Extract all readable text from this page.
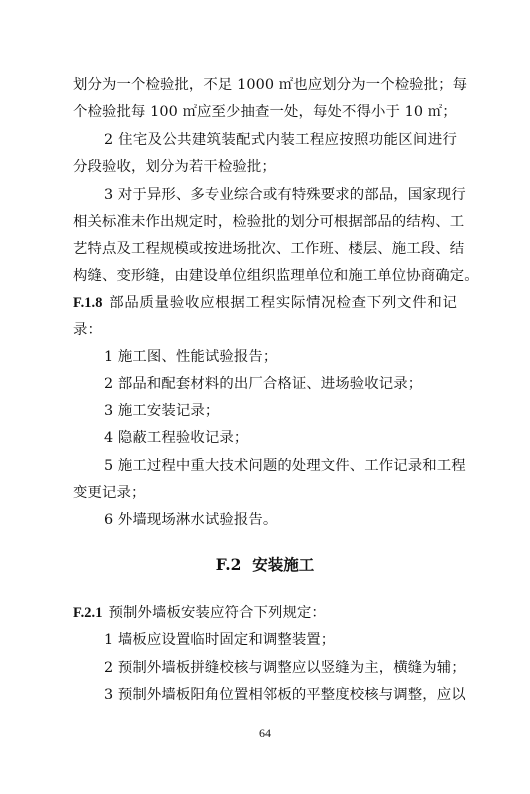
划分为一个检验批，不足 1000 ㎡也应划分为一个检验批；每
个检验批每 100 ㎡应至少抽查一处，每处不得小于 10 ㎡；
2 住宅及公共建筑装配式内装工程应按照功能区间进行
分段验收，划分为若干检验批；
3 对于异形、多专业综合或有特殊要求的部品，国家现行
相关标准未作出规定时，检验批的划分可根据部品的结构、工
艺特点及工程规模或按进场批次、工作班、楼层、施工段、结
构缝、变形缝，由建设单位组织监理单位和施工单位协商确定。
F.1.8 部品质量验收应根据工程实际情况检查下列文件和记
录：
1 施工图、性能试验报告；
2 部品和配套材料的出厂合格证、进场验收记录；
3 施工安装记录；
4 隐蔽工程验收记录；
5 施工过程中重大技术问题的处理文件、工作记录和工程
变更记录；
6 外墙现场淋水试验报告。
F.2 安装施工
F.2.1 预制外墙板安装应符合下列规定：
1 墙板应设置临时固定和调整装置；
2 预制外墙板拼缝校核与调整应以竖缝为主，横缝为辅；
3 预制外墙板阳角位置相邻板的平整度校核与调整，应以
64
